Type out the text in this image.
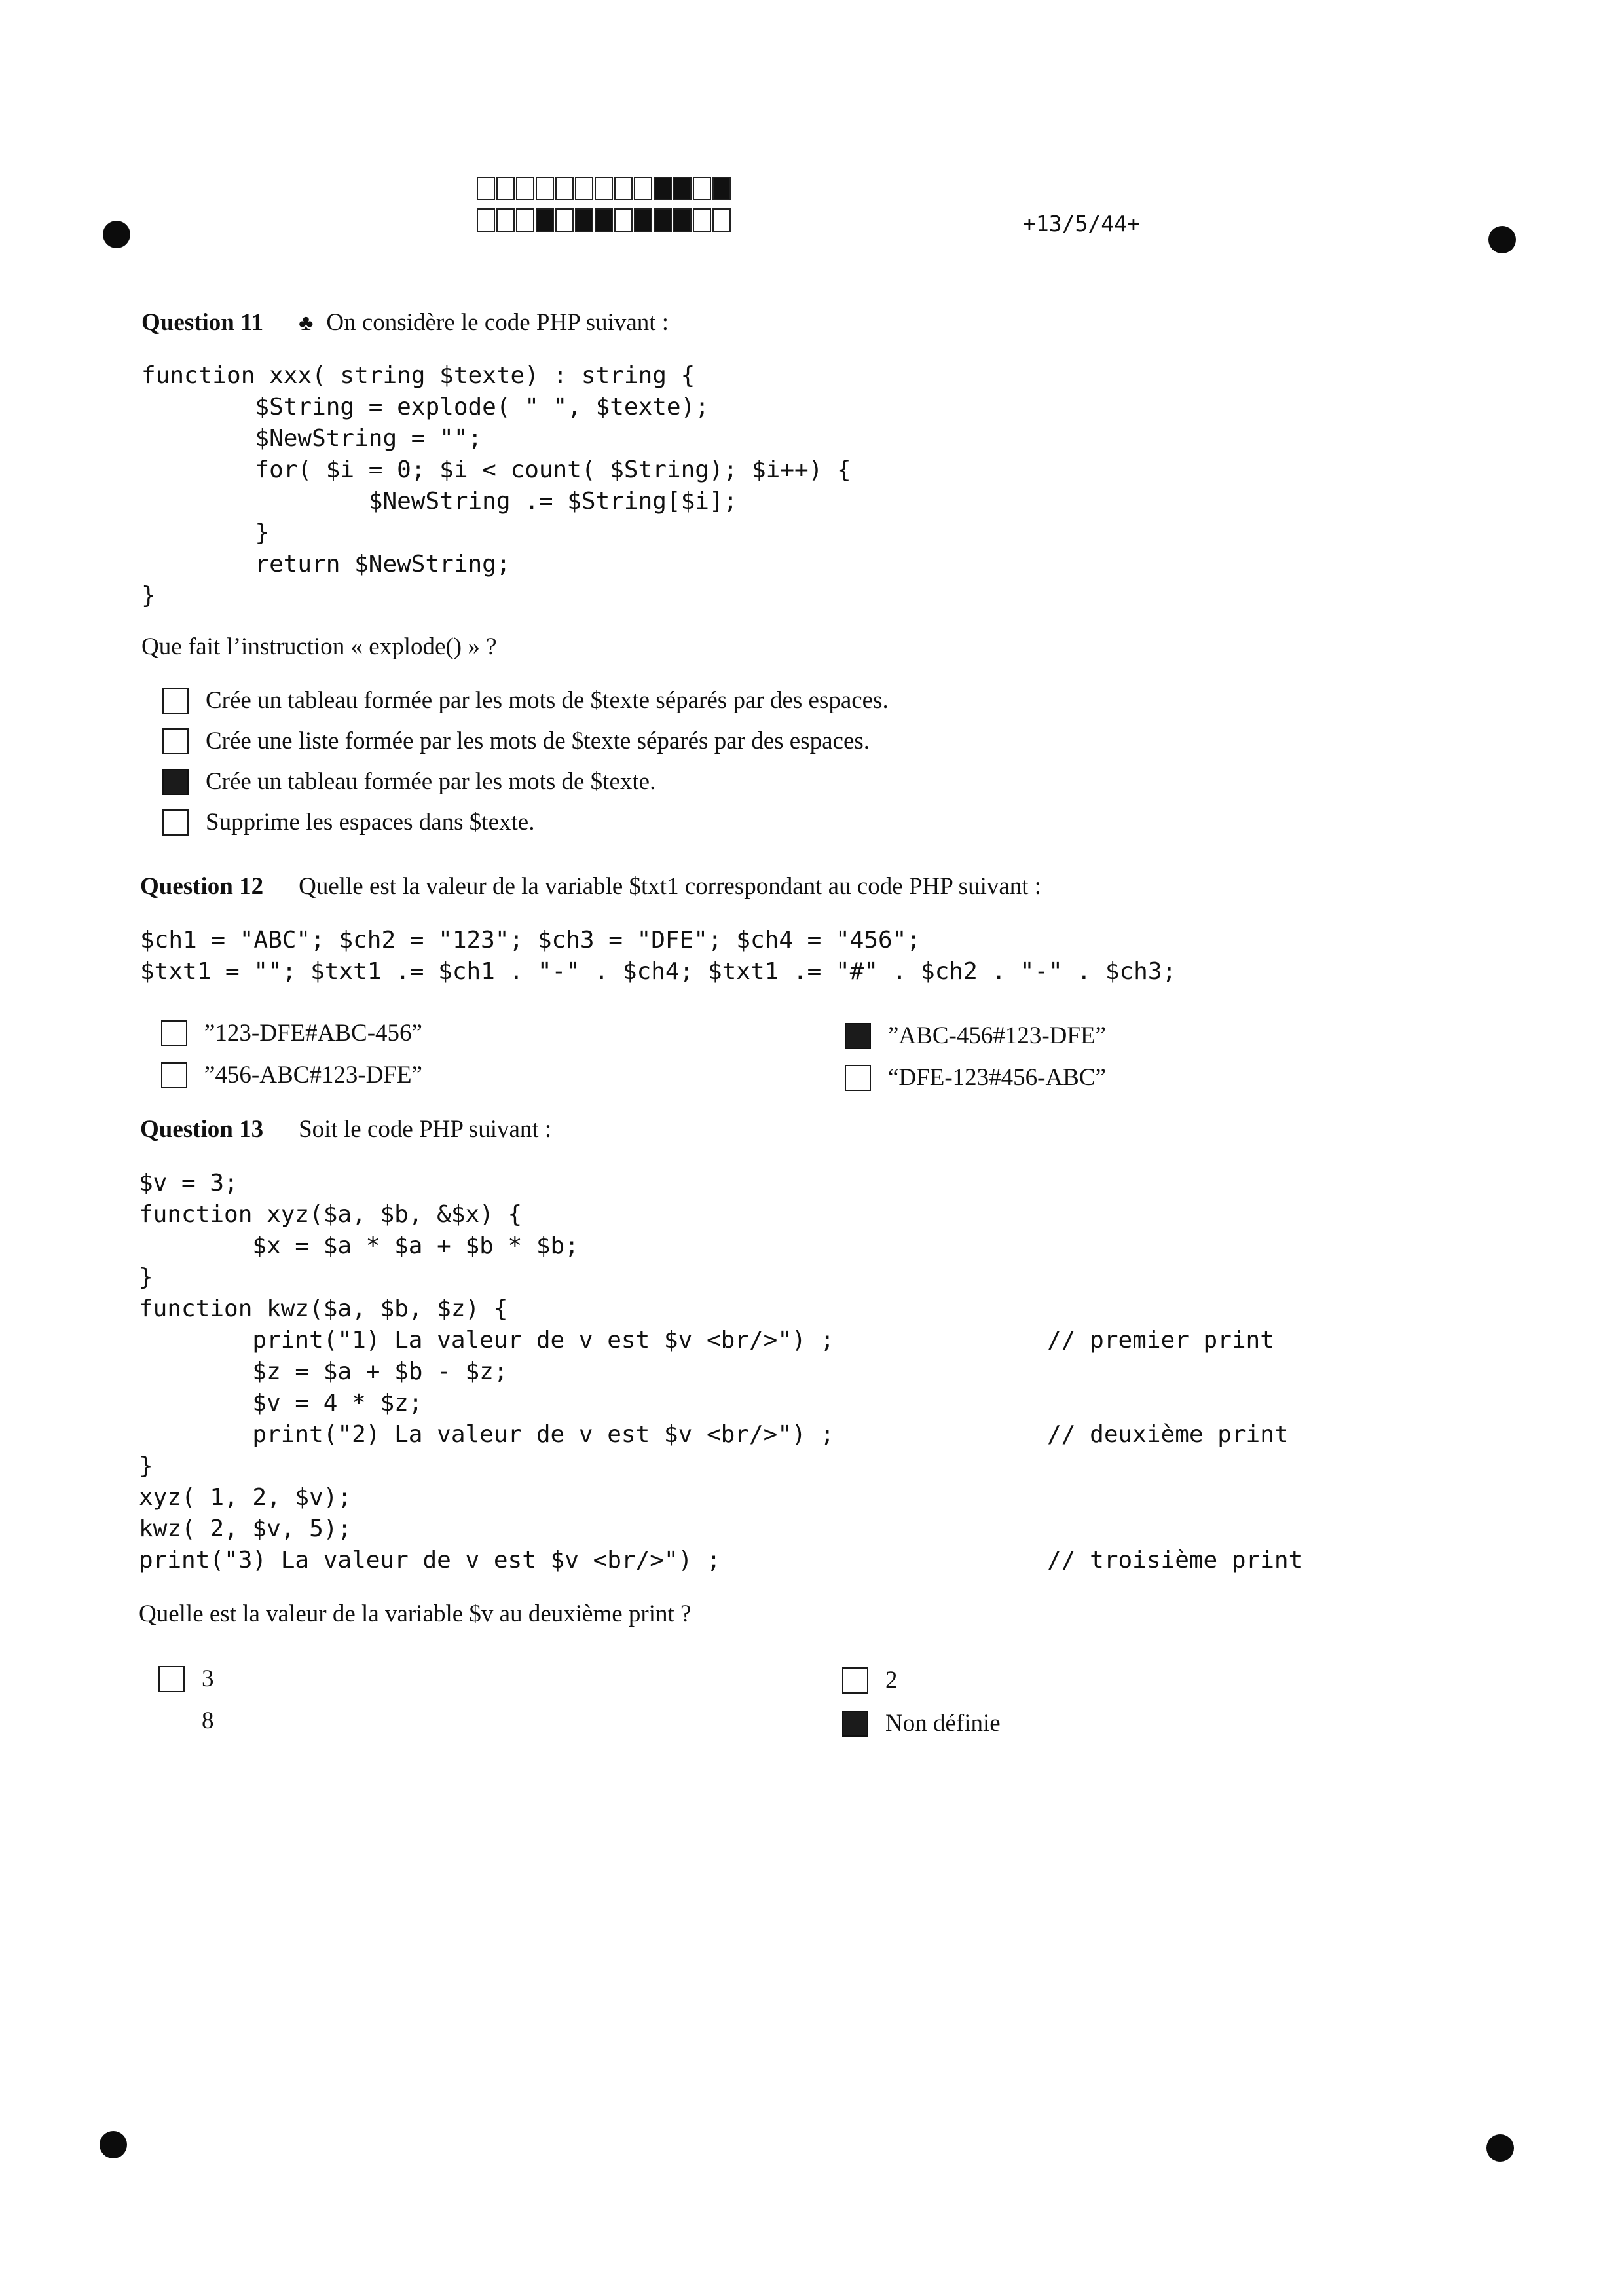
+13/5/44+
Question 11 ♣ On considère le code PHP suivant :
function xxx( string $texte) : string {
$String = explode( " ", $texte);
$NewString = "";
for( $i = 0; $i < count( $String); $i++) {
$NewString .= $String[$i];
}
return $NewString;
}
Que fait l’instruction « explode() » ?
Crée un tableau formée par les mots de $texte séparés par des espaces.
Crée une liste formée par les mots de $texte séparés par des espaces.
Crée un tableau formée par les mots de $texte.
Supprime les espaces dans $texte.
Question 12 Quelle est la valeur de la variable $txt1 correspondant au code PHP suivant :
$ch1 = "ABC"; $ch2 = "123"; $ch3 = "DFE"; $ch4 = "456";
$txt1 = ""; $txt1 .= $ch1 . "-" . $ch4; $txt1 .= "#" . $ch2 . "-" . $ch3;
”123-DFE#ABC-456”
”456-ABC#123-DFE”
”ABC-456#123-DFE”
“DFE-123#456-ABC”
Question 13 Soit le code PHP suivant :
$v = 3;
function xyz($a, $b, &$x) {
$x = $a * $a + $b * $b;
}
function kwz($a, $b, $z) {
print("1) La valeur de v est $v <br/>") ;               // premier print
$z = $a + $b - $z;
$v = 4 * $z;
print("2) La valeur de v est $v <br/>") ;               // deuxième print
}
xyz( 1, 2, $v);
kwz( 2, $v, 5);
print("3) La valeur de v est $v <br/>") ;                       // troisième print
Quelle est la valeur de la variable $v au deuxième print ?
3
8
2
Non définie
